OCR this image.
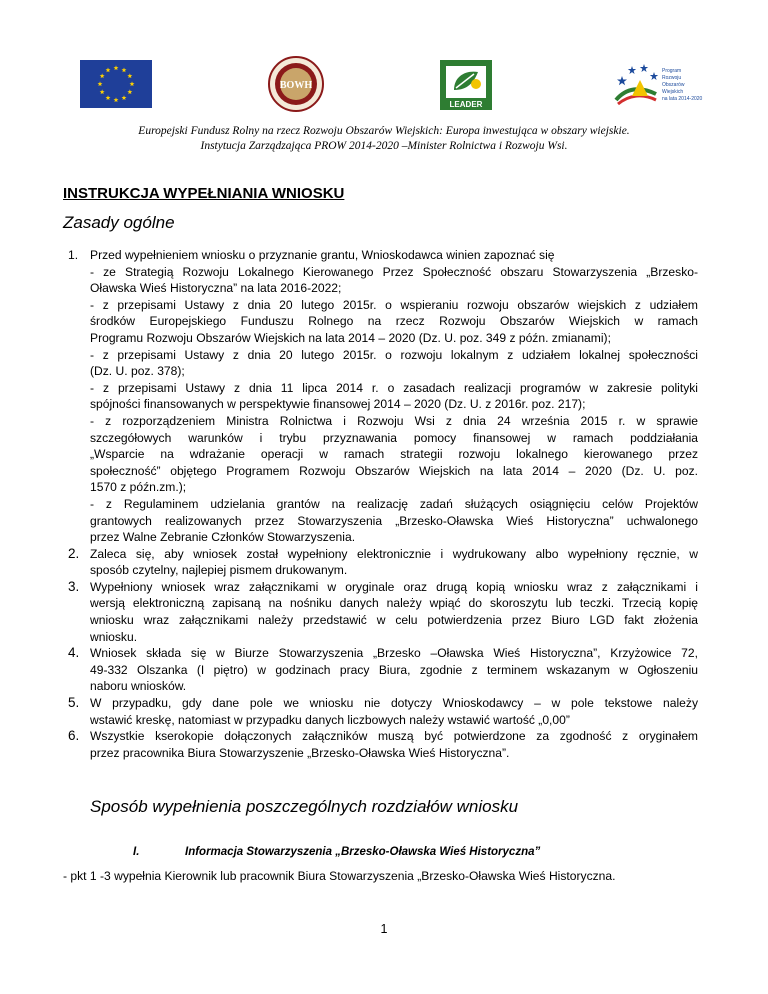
BOWH
LEADER
Program
Rozwoju
Obszarów
Wiejskich
na lata 2014-2020
Europejski Fundusz Rolny na rzecz Rozwoju Obszarów Wiejskich: Europa inwestująca w obszary wiejskie.
Instytucja Zarządzająca PROW 2014-2020 –Minister Rolnictwa i Rozwoju Wsi.
INSTRUKCJA WYPEŁNIANIA WNIOSKU
Zasady ogólne
1. Przed wypełnieniem wniosku o przyznanie grantu, Wnioskodawca winien zapoznać się
- ze Strategią Rozwoju Lokalnego Kierowanego Przez Społeczność obszaru Stowarzyszenia „Brzesko-
Oławska Wieś Historyczna” na lata 2016-2022;
- z przepisami Ustawy z dnia 20 lutego 2015r. o wspieraniu rozwoju obszarów wiejskich z udziałem
środków Europejskiego Funduszu Rolnego na rzecz Rozwoju Obszarów Wiejskich w ramach
Programu Rozwoju Obszarów Wiejskich na lata 2014 – 2020 (Dz. U. poz. 349 z późn. zmianami);
- z przepisami Ustawy z dnia 20 lutego 2015r. o rozwoju lokalnym z udziałem lokalnej społeczności
(Dz. U. poz. 378);
- z przepisami Ustawy z dnia 11 lipca 2014 r. o zasadach realizacji programów w zakresie polityki
spójności finansowanych w perspektywie finansowej 2014 – 2020 (Dz. U. z 2016r. poz. 217);
- z rozporządzeniem Ministra Rolnictwa i Rozwoju Wsi z dnia 24 września 2015 r. w sprawie
szczegółowych warunków i trybu przyznawania pomocy finansowej w ramach poddziałania
„Wsparcie na wdrażanie operacji w ramach strategii rozwoju lokalnego kierowanego przez
społeczność” objętego Programem Rozwoju Obszarów Wiejskich na lata 2014 – 2020 (Dz. U. poz.
1570 z późn.zm.);
- z Regulaminem udzielania grantów na realizację zadań służących osiągnięciu celów Projektów
grantowych realizowanych przez Stowarzyszenia „Brzesko-Oławska Wieś Historyczna” uchwalonego
przez Walne Zebranie Członków Stowarzyszenia.
2. Zaleca się, aby wniosek został wypełniony elektronicznie i wydrukowany albo wypełniony ręcznie, w
sposób czytelny, najlepiej pismem drukowanym.
3. Wypełniony wniosek wraz załącznikami w oryginale oraz drugą kopią wniosku wraz z załącznikami i
wersją elektroniczną zapisaną na nośniku danych należy wpiąć do skoroszytu lub teczki. Trzecią kopię
wniosku wraz załącznikami należy przedstawić w celu potwierdzenia przez Biuro LGD fakt złożenia
wniosku.
4. Wniosek składa się w Biurze Stowarzyszenia „Brzesko –Oławska Wieś Historyczna”, Krzyżowice 72,
49-332 Olszanka (I piętro) w godzinach pracy Biura, zgodnie z terminem wskazanym w Ogłoszeniu
naboru wniosków.
5. W przypadku, gdy dane pole we wniosku nie dotyczy Wnioskodawcy – w pole tekstowe należy
wstawić kreskę, natomiast w przypadku danych liczbowych należy wstawić wartość „0,00”
6. Wszystkie kserokopie dołączonych załączników muszą być potwierdzone za zgodność z oryginałem
przez pracownika Biura Stowarzyszenie „Brzesko-Oławska Wieś Historyczna”.
Sposób wypełnienia poszczególnych rozdziałów wniosku
I.	Informacja Stowarzyszenia „Brzesko-Oławska Wieś Historyczna”
- pkt 1 -3 wypełnia Kierownik lub pracownik Biura Stowarzyszenia „Brzesko-Oławska Wieś Historyczna.
1
